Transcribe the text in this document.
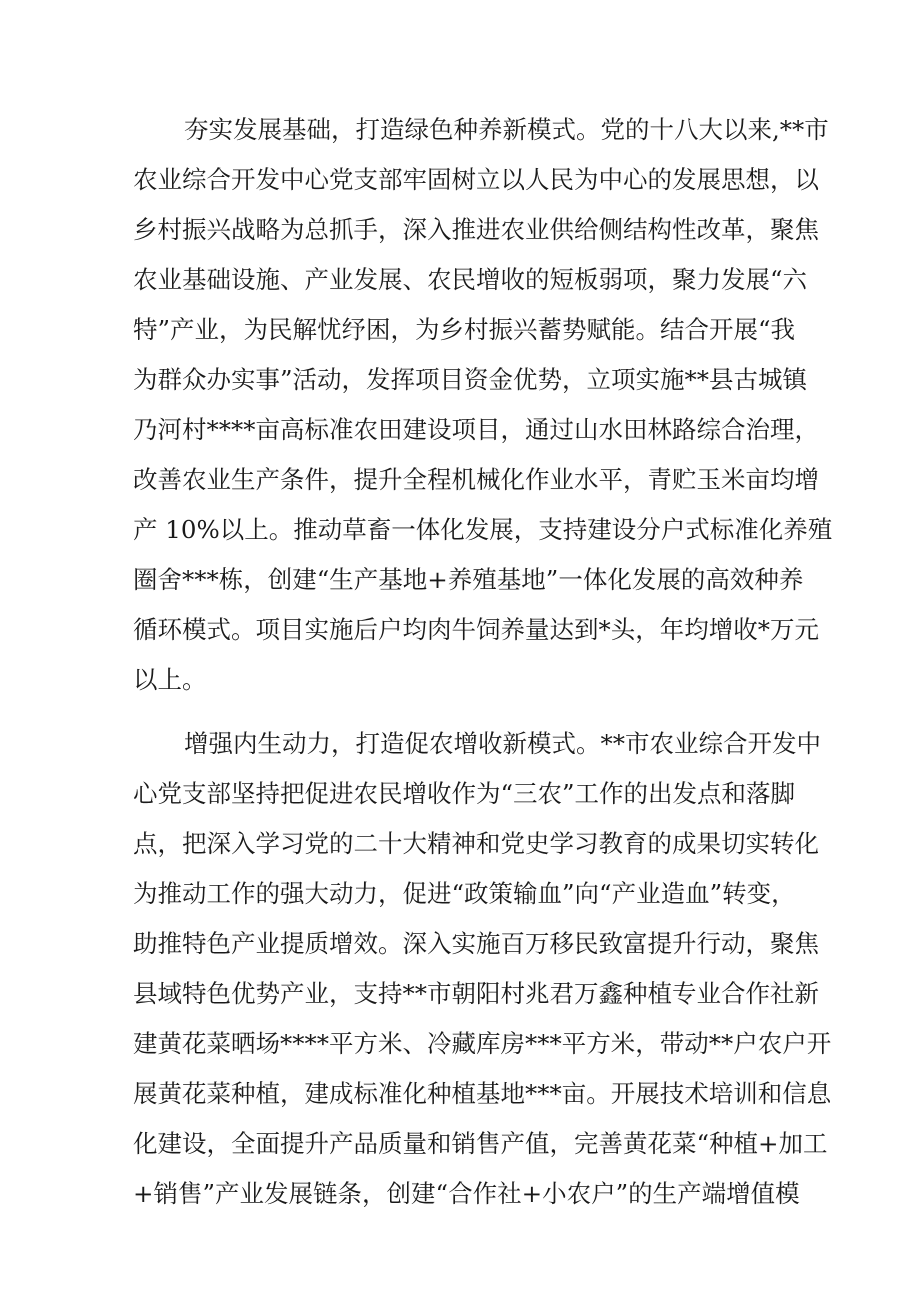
夯实发展基础，打造绿色种养新模式。党的十八大以来,**市
农业综合开发中心党支部牢固树立以人民为中心的发展思想，以
乡村振兴战略为总抓手，深入推进农业供给侧结构性改革，聚焦
农业基础设施、产业发展、农民增收的短板弱项，聚力发展“六
特”产业，为民解忧纾困，为乡村振兴蓄势赋能。结合开展“我
为群众办实事”活动，发挥项目资金优势，立项实施**县古城镇
乃河村****亩高标准农田建设项目，通过山水田林路综合治理，
改善农业生产条件，提升全程机械化作业水平，青贮玉米亩均增
产 10%以上。推动草畜一体化发展，支持建设分户式标准化养殖
圈舍***栋，创建“生产基地+养殖基地”一体化发展的高效种养
循环模式。项目实施后户均肉牛饲养量达到*头，年均增收*万元
以上。
增强内生动力，打造促农增收新模式。**市农业综合开发中
心党支部坚持把促进农民增收作为“三农”工作的出发点和落脚
点，把深入学习党的二十大精神和党史学习教育的成果切实转化
为推动工作的强大动力，促进“政策输血”向“产业造血”转变，
助推特色产业提质增效。深入实施百万移民致富提升行动，聚焦
县域特色优势产业，支持**市朝阳村兆君万鑫种植专业合作社新
建黄花菜晒场****平方米、冷藏库房***平方米，带动**户农户开
展黄花菜种植，建成标准化种植基地***亩。开展技术培训和信息
化建设，全面提升产品质量和销售产值，完善黄花菜“种植+加工
+销售”产业发展链条，创建“合作社+小农户”的生产端增值模
